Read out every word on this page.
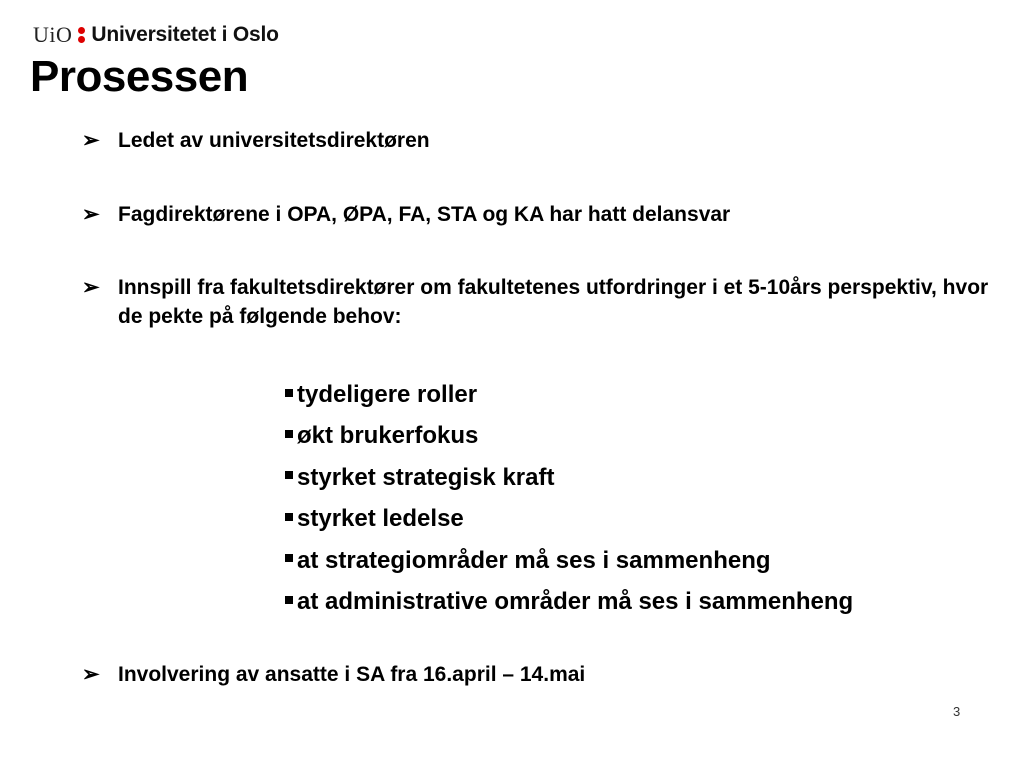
UiO Universitetet i Oslo
Prosessen
➢ Ledet av universitetsdirektøren
➢ Fagdirektørene i OPA, ØPA, FA, STA og KA har hatt delansvar
➢ Innspill fra fakultetsdirektører om fakultetenes utfordringer i et 5-10års perspektiv, hvor de pekte på følgende behov:
tydeligere roller
økt brukerfokus
styrket strategisk kraft
styrket ledelse
at strategiområder må ses i sammenheng
at administrative områder må ses i sammenheng
➢ Involvering av ansatte i SA fra 16.april – 14.mai
3
